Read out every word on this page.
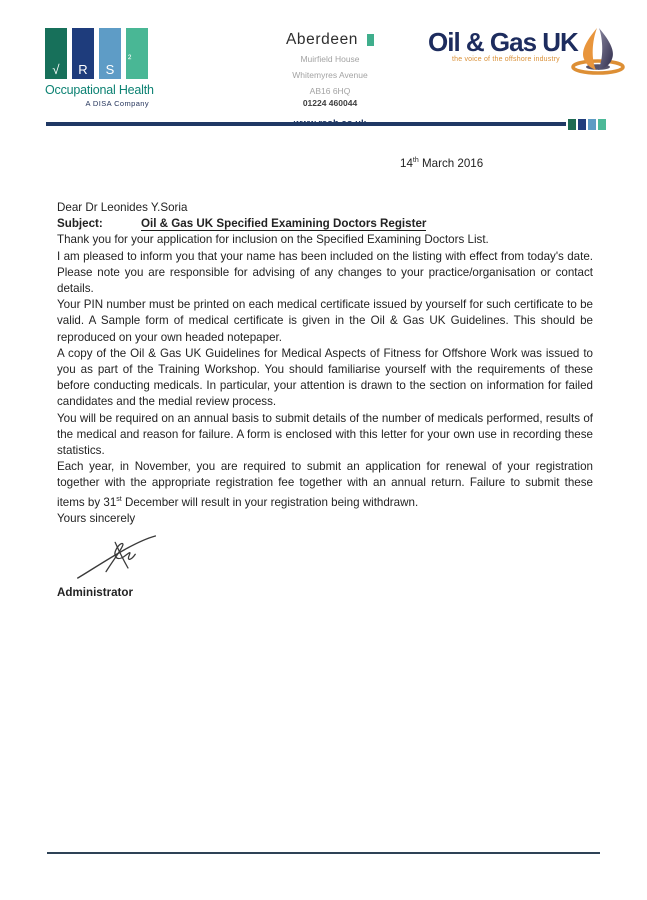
√	R	S
²
Occupational Health
A DISA Company
Aberdeen
Muirfield House
Whitemyres Avenue
AB16 6HQ
01224 460044
Oil & Gas UK
the voice of the offshore industry
14th March 2016

Dear Dr Leonides Y.Soria

Subject:	Oil & Gas UK Specified Examining Doctors Register

Thank you for your application for inclusion on the Specified Examining Doctors List.

I am pleased to inform you that your name has been included on the listing with effect from today's date. Please note you are responsible for advising of any changes to your practice/organisation or contact details.

Your PIN number must be printed on each medical certificate issued by yourself for such certificate to be valid. A Sample form of medical certificate is given in the Oil & Gas UK Guidelines. This should be reproduced on your own headed notepaper.

A copy of the Oil & Gas UK Guidelines for Medical Aspects of Fitness for Offshore Work was issued to you as part of the Training Workshop. You should familiarise yourself with the requirements of these before conducting medicals. In particular, your attention is drawn to the section on information for failed candidates and the medial review process.

You will be required on an annual basis to submit details of the number of medicals performed, results of the medical and reason for failure. A form is enclosed with this letter for your own use in recording these statistics.

Each year, in November, you are required to submit an application for renewal of your registration together with the appropriate registration fee together with an annual return. Failure to submit these items by 31st December will result in your registration being withdrawn.

Yours sincerely

Administrator
